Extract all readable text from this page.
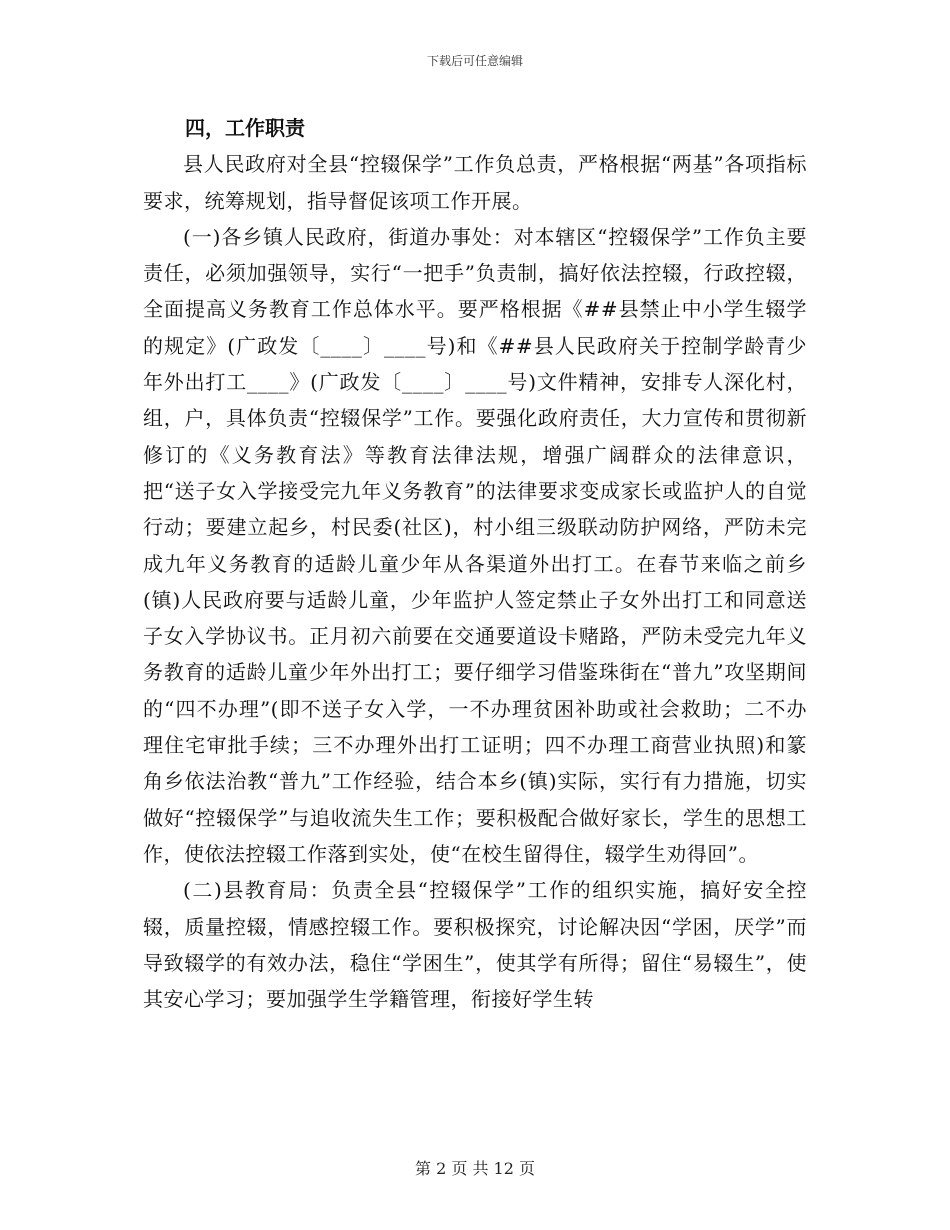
下载后可任意编辑

四，工作职责

县人民政府对全县“控辍保学”工作负总责，严格根据“两基”各项指标要求，统筹规划，指导督促该项工作开展。

(一)各乡镇人民政府，街道办事处：对本辖区“控辍保学”工作负主要责任，必须加强领导，实行“一把手”负责制，搞好依法控辍，行政控辍，全面提高义务教育工作总体水平。要严格根据《##县禁止中小学生辍学的规定》(广政发〔____〕____号)和《##县人民政府关于控制学龄青少年外出打工____》(广政发〔____〕____号)文件精神，安排专人深化村，组，户，具体负责“控辍保学”工作。要强化政府责任，大力宣传和贯彻新修订的《义务教育法》等教育法律法规，增强广阔群众的法律意识，把“送子女入学接受完九年义务教育”的法律要求变成家长或监护人的自觉行动；要建立起乡，村民委(社区)，村小组三级联动防护网络，严防未完成九年义务教育的适龄儿童少年从各渠道外出打工。在春节来临之前乡(镇)人民政府要与适龄儿童，少年监护人签定禁止子女外出打工和同意送子女入学协议书。正月初六前要在交通要道设卡赌路，严防未受完九年义务教育的适龄儿童少年外出打工；要仔细学习借鉴珠街在“普九”攻坚期间的“四不办理”(即不送子女入学，一不办理贫困补助或社会救助；二不办理住宅审批手续；三不办理外出打工证明；四不办理工商营业执照)和篆角乡依法治教“普九”工作经验，结合本乡(镇)实际，实行有力措施，切实做好“控辍保学”与追收流失生工作；要积极配合做好家长，学生的思想工作，使依法控辍工作落到实处，使“在校生留得住，辍学生劝得回”。

(二)县教育局：负责全县“控辍保学”工作的组织实施，搞好安全控辍，质量控辍，情感控辍工作。要积极探究，讨论解决因“学困，厌学”而导致辍学的有效办法，稳住“学困生”，使其学有所得；留住“易辍生”，使其安心学习；要加强学生学籍管理，衔接好学生转

第 2 页 共 12 页
